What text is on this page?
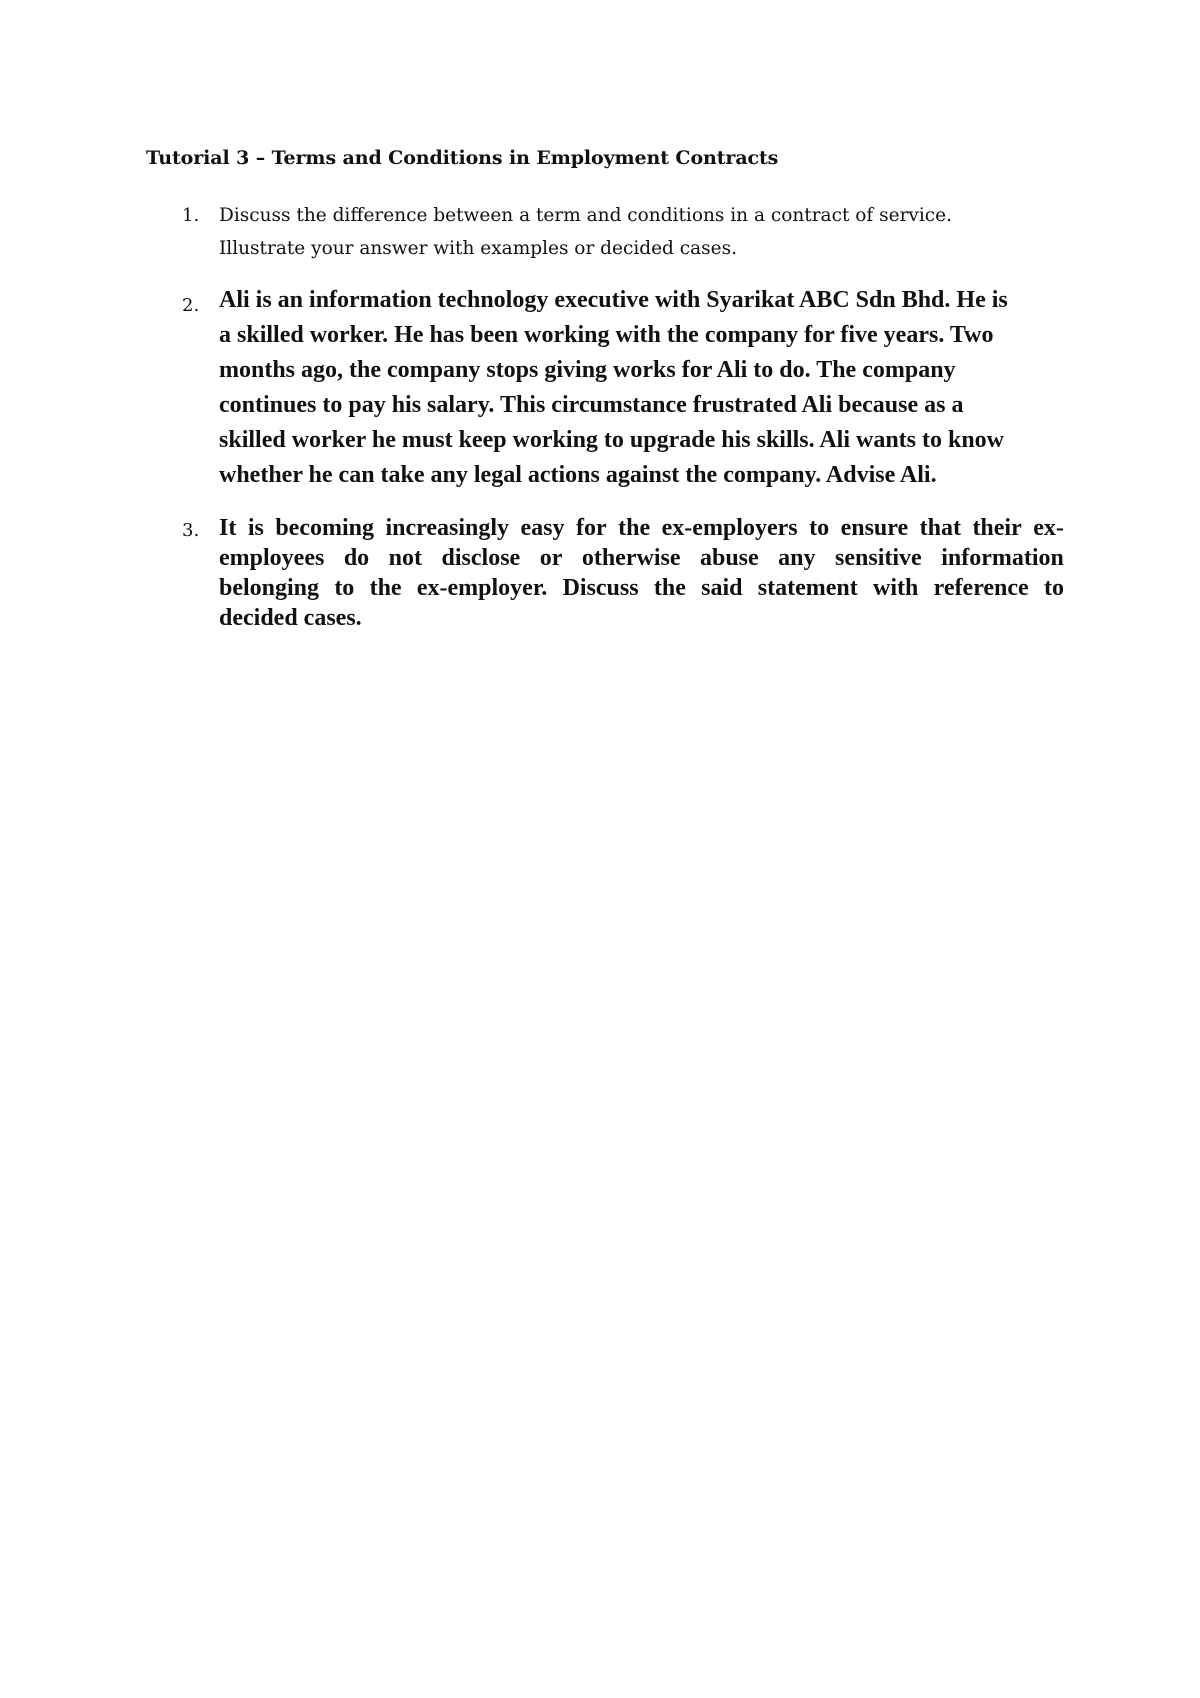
Tutorial 3 – Terms and Conditions in Employment Contracts
1. Discuss the difference between a term and conditions in a contract of service.
Illustrate your answer with examples or decided cases.
2. Ali is an information technology executive with Syarikat ABC Sdn Bhd. He is
a skilled worker. He has been working with the company for five years. Two
months ago, the company stops giving works for Ali to do. The company
continues to pay his salary. This circumstance frustrated Ali because as a
skilled worker he must keep working to upgrade his skills. Ali wants to know
whether he can take any legal actions against the company. Advise Ali.
3. It is becoming increasingly easy for the ex-employers to ensure that their ex-
employees do not disclose or otherwise abuse any sensitive information
belonging to the ex-employer. Discuss the said statement with reference to
decided cases.
